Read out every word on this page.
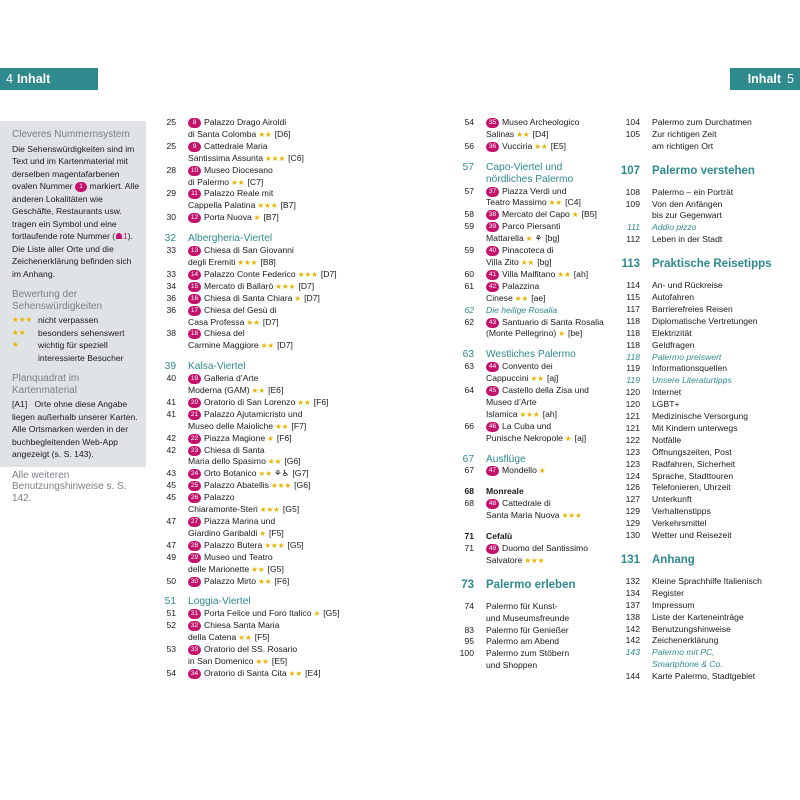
4 Inhalt	Inhalt 5
Cleveres Nummernsystem
Die Sehenswürdigkeiten sind im Text und im Kartenmaterial mit derselben magentafarbenen ovalen Nummer 1 markiert. Alle anderen Lokalitäten wie Geschäfte, Restaurants usw. tragen ein Symbol und eine fortlaufende rote Nummer (☗1). Die Liste aller Orte und die Zeichenerklärung befinden sich im Anhang.
Bewertung der Sehenswürdigkeiten
★★★ nicht verpassen
★★	besonders sehenswert
★	wichtig für speziell interessierte Besucher
Planquadrat im Kartenmaterial
[A1] Orte ohne diese Angabe liegen außerhalb unserer Karten. Alle Ortsmarken werden in der buchbegleitenden Web-App angezeigt (s. S. 143).
Alle weiteren Benutzungshinweise s. S. 142.
25	8 Palazzo Drago Airoldi
di Santa Colomba ★★ [D6]
25	9 Cattedrale Maria
Santissima Assunta ★★★ [C6]
28	10 Museo Diocesano
di Palermo ★★ [C7]
29	11 Palazzo Reale mit
Cappella Palatina ★★★ [B7]
30	12 Porta Nuova ★ [B7]
32	Albergheria-Viertel
33	13 Chiesa di San Giovanni
degli Eremiti ★★★ [B8]
33	14 Palazzo Conte Federico ★★★ [D7]
34	15 Mercato di Ballarò ★★★ [D7]
36	16 Chiesa di Santa Chiara ★ [D7]
36	17 Chiesa del Gesù di
Casa Professa ★★ [D7]
38	18 Chiesa del
Carmine Maggiore ★★ [D7]
39	Kalsa-Viertel
40	19 Galleria d’Arte
Moderna (GAM) ★★ [E6]
41	20 Oratorio di San Lorenzo ★★ [F6]
41	21 Palazzo Ajutamicristo und
Museo delle Maioliche ★★ [F7]
42	22 Piazza Magione ★ [F6]
42	23 Chiesa di Santa
Maria dello Spasimo ★★ [G6]
43	24 Orto Botanico ★★ ⚘♿ [G7]
45	25 Palazzo Abatellis ★★★ [G6]
45	26 Palazzo
Chiaramonte-Steri ★★★ [G5]
47	27 Piazza Marina und
Giardino Garibaldi ★ [F5]
47	28 Palazzo Butera ★★★ [G5]
49	29 Museo und Teatro
delle Marionette ★★ [G5]
50	30 Palazzo Mirto ★★ [F6]
51	Loggia-Viertel
51	31 Porta Felice und Foro Italico ★ [G5]
52	32 Chiesa Santa Maria
della Catena ★★ [F5]
53	33 Oratorio del SS. Rosario
in San Domenico ★★ [E5]
54	34 Oratorio di Santa Cita ★★ [E4]
54	35 Museo Archeologico
Salinas ★★ [D4]
56	36 Vucciria ★★ [E5]
57	Capo-Viertel und
nördliches Palermo
57	37 Piazza Verdi und
Teatro Massimo ★★ [C4]
58	38 Mercato del Capo ★ [B5]
59	39 Parco Piersanti
Mattarella ★ ⚘ [bg]
59	40 Pinacoteca di
Villa Zito ★★ [bg]
60	41 Villa Malfitano ★★ [ah]
61	42 Palazzina
Cinese ★★ [ae]
62	Die heilige Rosalia
62	43 Santuario di Santa Rosalia
(Monte Pellegrino) ★ [be]
63	Westliches Palermo
63	44 Convento dei
Cappuccini ★★ [aj]
64	45 Castello della Zisa und
Museo d’Arte
Islamica ★★★ [ah]
66	46 La Cuba und
Punische Nekropole ★ [aj]
67	Ausflüge
67	47 Mondello ★
68	Monreale
68	48 Cattedrale di
Santa Maria Nuova ★★★
71	Cefalù
71	49 Duomo del Santissimo
Salvatore ★★★
73	Palermo erleben
74	Palermo für Kunst-
und Museumsfreunde
83	Palermo für Genießer
95	Palermo am Abend
100	Palermo zum Stöbern
und Shoppen
104	Palermo zum Durchatmen
105	Zur richtigen Zeit
am richtigen Ort
107	Palermo verstehen
108	Palermo – ein Porträt
109	Von den Anfängen
bis zur Gegenwart
111	Addio pizzo
112	Leben in der Stadt
113	Praktische Reisetipps
114	An- und Rückreise
115	Autofahren
117	Barrierefreies Reisen
118	Diplomatische Vertretungen
118	Elektrizität
118	Geldfragen
118	Palermo preiswert
119	Informationsquellen
119	Unsere Literaturtipps
120	Internet
120	LGBT+
121	Medizinische Versorgung
121	Mit Kindern unterwegs
122	Notfälle
123	Öffnungszeiten, Post
123	Radfahren, Sicherheit
124	Sprache, Stadttouren
126	Telefonieren, Uhrzeit
127	Unterkunft
129	Verhaltenstipps
129	Verkehrsmittel
130	Wetter und Reisezeit
131	Anhang
132	Kleine Sprachhilfe Italienisch
134	Register
137	Impressum
138	Liste der Karteneinträge
142	Benutzungshinweise
142	Zeichenerklärung
143	Palermo mit PC,
Smartphone & Co.
144	Karte Palermo, Stadtgebiet
